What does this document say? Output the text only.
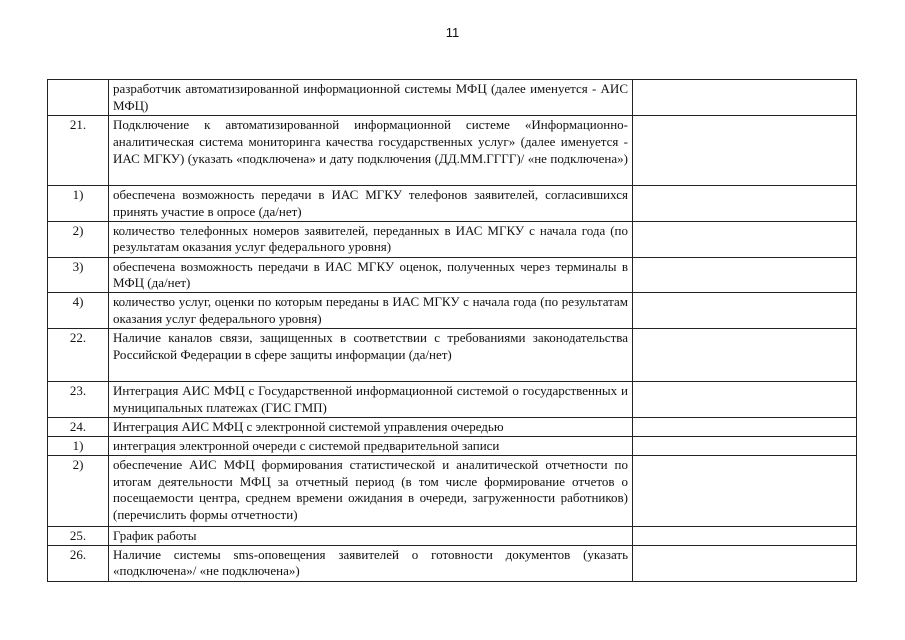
11
	разработчик автоматизированной информационной системы МФЦ (далее именуется - АИС МФЦ)	
21.	Подключение к автоматизированной информационной системе «Информационно-аналитическая система мониторинга качества государственных услуг» (далее именуется - ИАС МГКУ) (указать «подключена» и дату подключения (ДД.ММ.ГГГГ)/ «не подключена»)	
1)	обеспечена возможность передачи в ИАС МГКУ телефонов заявителей, согласившихся принять участие в опросе (да/нет)	
2)	количество телефонных номеров заявителей, переданных в ИАС МГКУ с начала года (по результатам оказания услуг федерального уровня)	
3)	обеспечена возможность передачи в ИАС МГКУ оценок, полученных через терминалы в МФЦ (да/нет)	
4)	количество услуг, оценки по которым переданы в ИАС МГКУ с начала года (по результатам оказания услуг федерального уровня)	
22.	Наличие каналов связи, защищенных в соответствии с требованиями законодательства Российской Федерации в сфере защиты информации (да/нет)	
23.	Интеграция АИС МФЦ с Государственной информационной системой о государственных и муниципальных платежах (ГИС ГМП)	
24.	Интеграция АИС МФЦ с электронной системой управления очередью	
1)	интеграция электронной очереди с системой предварительной записи	
2)	обеспечение АИС МФЦ формирования статистической и аналитической отчетности по итогам деятельности МФЦ за отчетный период (в том числе формирование отчетов о посещаемости центра, среднем времени ожидания в очереди, загруженности работников) (перечислить формы отчетности)	
25.	График работы	
26.	Наличие системы sms-оповещения заявителей о готовности документов (указать «подключена»/ «не подключена»)	
